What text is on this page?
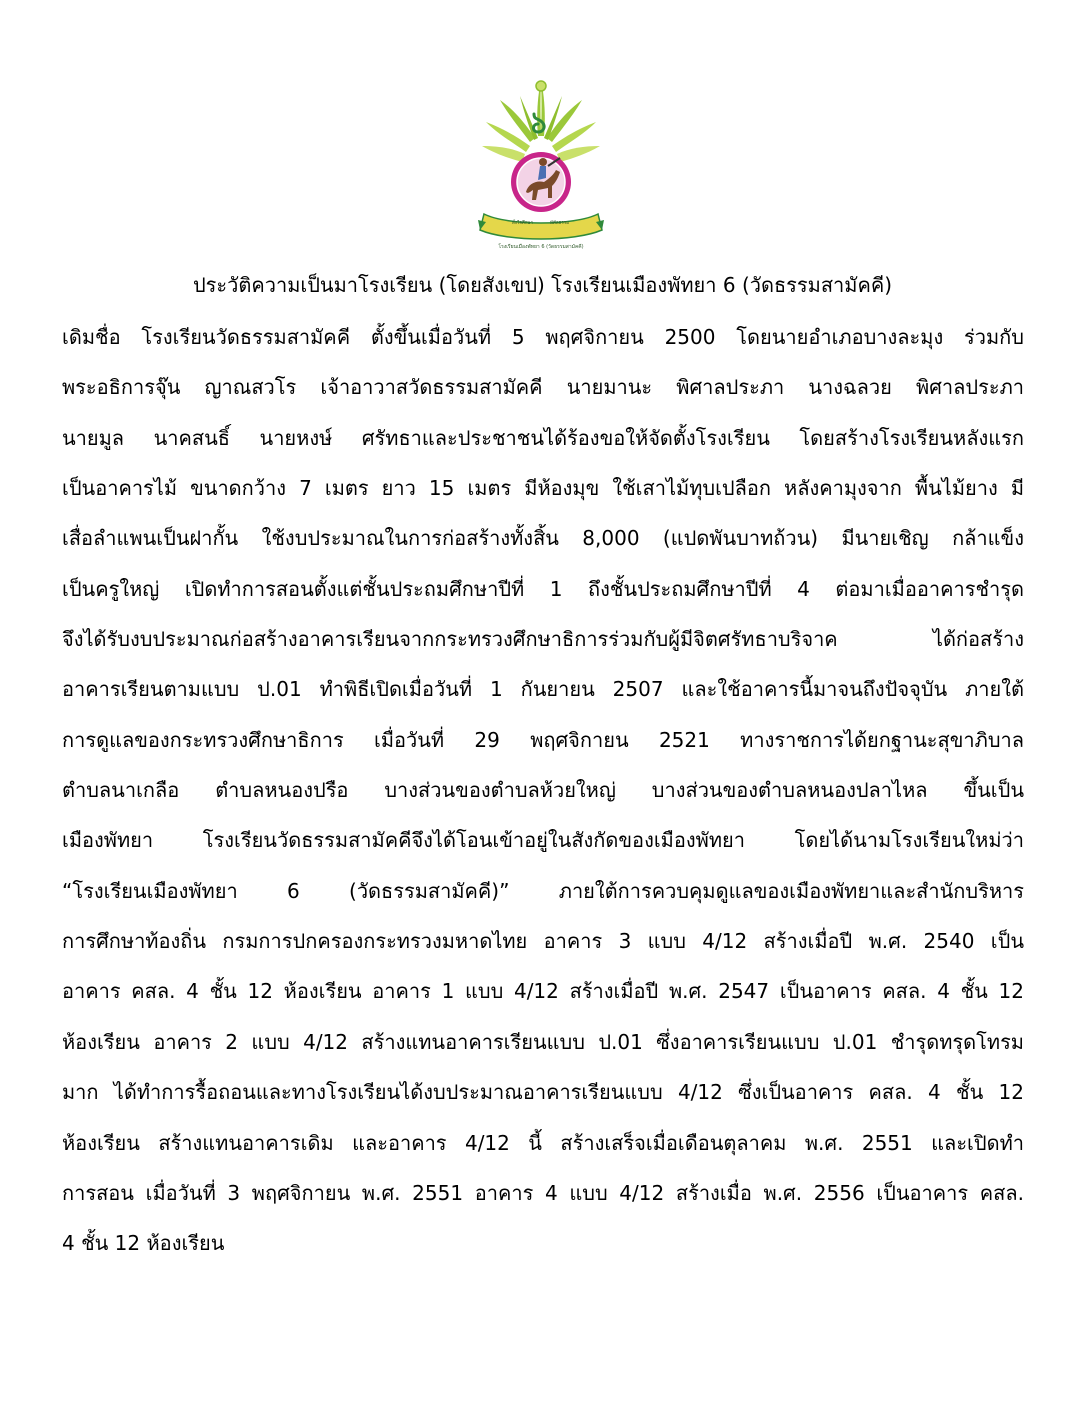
ตั้งใจศึกษา	มีศีลธรรม
โรงเรียนเมืองพัทยา 6 (วัดธรรมสามัคคี)
ประวัติความเป็นมาโรงเรียน (โดยสังเขป) โรงเรียนเมืองพัทยา 6 (วัดธรรมสามัคคี)
เดิมชื่อ โรงเรียนวัดธรรมสามัคคี ตั้งขึ้นเมื่อวันที่ 5 พฤศจิกายน 2500 โดยนายอำเภอบางละมุง ร่วมกับ
พระอธิการจุ๊น ญาณสวโร เจ้าอาวาสวัดธรรมสามัคคี นายมานะ พิศาลประภา นางฉลวย พิศาลประภา
นายมูล นาคสนธิ์ นายหงษ์ ศรัทธาและประชาชนได้ร้องขอให้จัดตั้งโรงเรียน โดยสร้างโรงเรียนหลังแรก
เป็นอาคารไม้ ขนาดกว้าง 7 เมตร ยาว 15 เมตร มีห้องมุข ใช้เสาไม้ทุบเปลือก หลังคามุงจาก พื้นไม้ยาง มี
เสื่อลำแพนเป็นฝากั้น ใช้งบประมาณในการก่อสร้างทั้งสิ้น 8,000 (แปดพันบาทถ้วน) มีนายเชิญ กล้าแข็ง
เป็นครูใหญ่ เปิดทำการสอนตั้งแต่ชั้นประถมศึกษาปีที่ 1 ถึงชั้นประถมศึกษาปีที่ 4 ต่อมาเมื่ออาคารชำรุด
จึงได้รับงบประมาณก่อสร้างอาคารเรียนจากกระทรวงศึกษาธิการร่วมกับผู้มีจิตศรัทธาบริจาค ได้ก่อสร้าง
อาคารเรียนตามแบบ ป.01 ทำพิธีเปิดเมื่อวันที่ 1 กันยายน 2507 และใช้อาคารนี้มาจนถึงปัจจุบัน ภายใต้
การดูแลของกระทรวงศึกษาธิการ เมื่อวันที่ 29 พฤศจิกายน 2521 ทางราชการได้ยกฐานะสุขาภิบาล
ตำบลนาเกลือ ตำบลหนองปรือ บางส่วนของตำบลห้วยใหญ่ บางส่วนของตำบลหนองปลาไหล ขึ้นเป็น
เมืองพัทยา โรงเรียนวัดธรรมสามัคคีจึงได้โอนเข้าอยู่ในสังกัดของเมืองพัทยา โดยได้นามโรงเรียนใหม่ว่า
“โรงเรียนเมืองพัทยา 6 (วัดธรรมสามัคคี)” ภายใต้การควบคุมดูแลของเมืองพัทยาและสำนักบริหาร
การศึกษาท้องถิ่น กรมการปกครองกระทรวงมหาดไทย อาคาร 3 แบบ 4/12 สร้างเมื่อปี พ.ศ. 2540 เป็น
อาคาร คสล. 4 ชั้น 12 ห้องเรียน อาคาร 1 แบบ 4/12 สร้างเมื่อปี พ.ศ. 2547 เป็นอาคาร คสล. 4 ชั้น 12
ห้องเรียน อาคาร 2 แบบ 4/12 สร้างแทนอาคารเรียนแบบ ป.01 ซึ่งอาคารเรียนแบบ ป.01 ชำรุดทรุดโทรม
มาก ได้ทำการรื้อถอนและทางโรงเรียนได้งบประมาณอาคารเรียนแบบ 4/12 ซึ่งเป็นอาคาร คสล. 4 ชั้น 12
ห้องเรียน สร้างแทนอาคารเดิม และอาคาร 4/12 นี้ สร้างเสร็จเมื่อเดือนตุลาคม พ.ศ. 2551 และเปิดทำ
การสอน เมื่อวันที่ 3 พฤศจิกายน พ.ศ. 2551 อาคาร 4 แบบ 4/12 สร้างเมื่อ พ.ศ. 2556 เป็นอาคาร คสล.
4 ชั้น 12 ห้องเรียน
